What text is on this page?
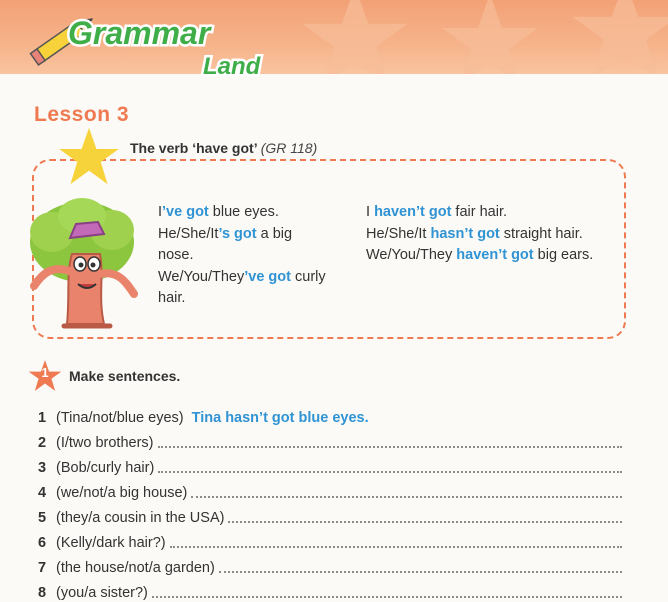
Grammar
Land
Lesson 3
The verb ‘have got’ (GR 118)
I’ve got blue eyes.
He/She/It’s got a big nose.
We/You/They’ve got curly hair.
I haven’t got fair hair.
He/She/It hasn’t got straight hair.
We/You/They haven’t got big ears.
1	Make sentences.
1 (Tina/not/blue eyes) Tina hasn’t got blue eyes.
2 (I/two brothers)
3 (Bob/curly hair)
4 (we/not/a big house)
5 (they/a cousin in the USA)
6 (Kelly/dark hair?)
7 (the house/not/a garden)
8 (you/a sister?)
